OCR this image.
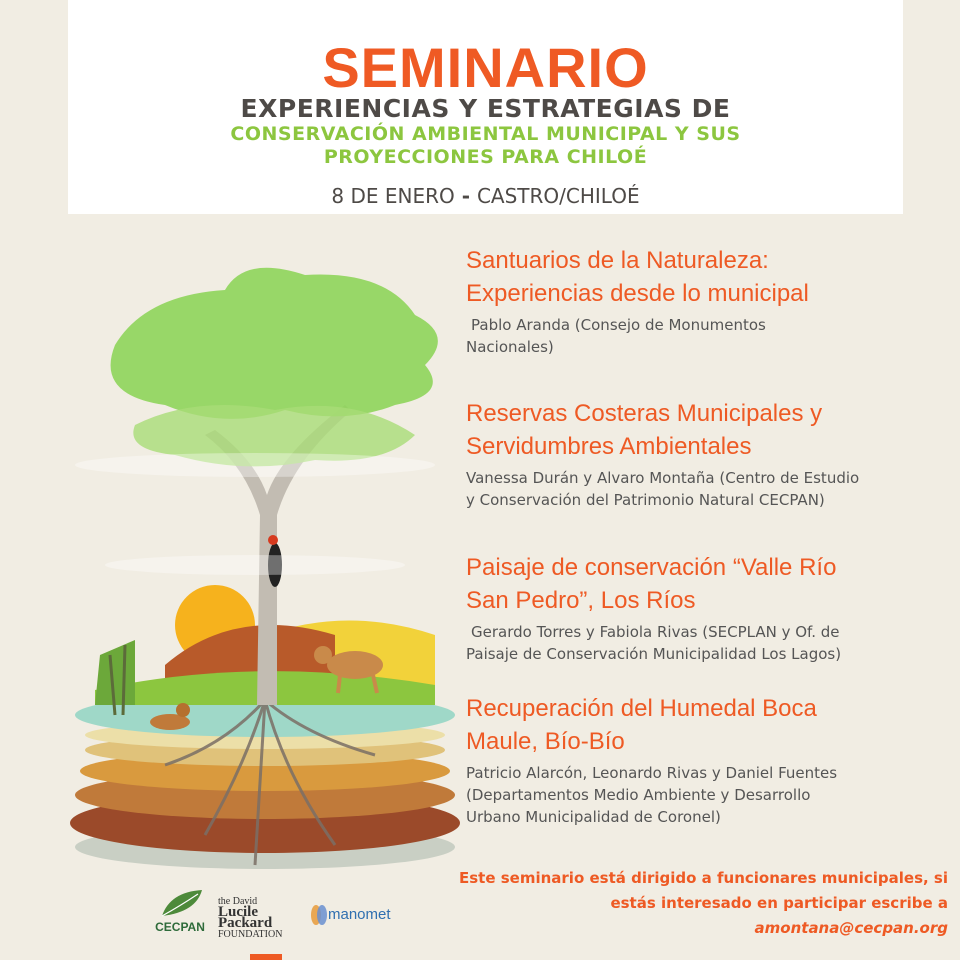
SEMINARIO
EXPERIENCIAS Y ESTRATEGIAS DE
CONSERVACIÓN AMBIENTAL MUNICIPAL Y SUS
PROYECCIONES PARA CHILOÉ
8 DE ENERO - CASTRO/CHILOÉ
Santuarios de la Naturaleza:
Experiencias desde lo municipal
Pablo Aranda (Consejo de Monumentos
Nacionales)
Reservas Costeras Municipales y
Servidumbres Ambientales
Vanessa Durán y Alvaro Montaña (Centro de Estudio
y Conservación del Patrimonio Natural CECPAN)
Paisaje de conservación “Valle Río
San Pedro”, Los Ríos
Gerardo Torres y Fabiola Rivas (SECPLAN y Of. de
Paisaje de Conservación Municipalidad Los Lagos)
Recuperación del Humedal Boca
Maule, Bío-Bío
Patricio Alarcón, Leonardo Rivas y Daniel Fuentes
(Departamentos Medio Ambiente y Desarrollo
Urbano Municipalidad de Coronel)
Este seminario está dirigido a funcionares municipales, si
estás interesado en participar escribe a
amontana@cecpan.org
CECPAN
the David
Lucile Packard
FOUNDATION
manomet
